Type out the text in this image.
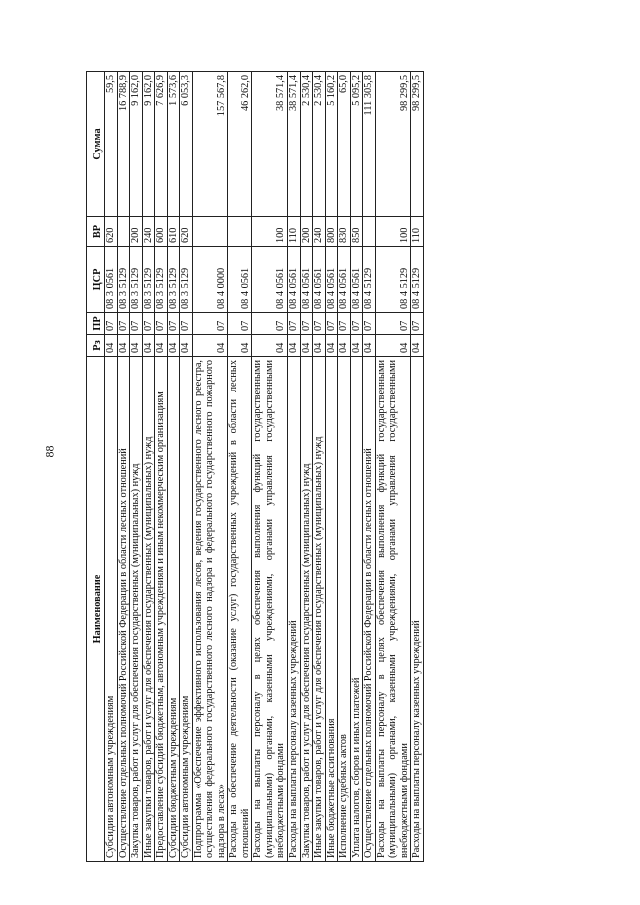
88
Наименование	Рз	ПР	ЦСР	ВР	Сумма
Субсидии автономным учреждениям	04	07	08 3 0561	620	59,5
Осуществление отдельных полномочий Российской Федерации в области лесных отношений	04	07	08 3 5129		16 788,9
Закупка товаров, работ и услуг для обеспечения государственных (муниципальных) нужд	04	07	08 3 5129	200	9 162,0
Иные закупки товаров, работ и услуг для обеспечения государственных (муниципальных) нужд	04	07	08 3 5129	240	9 162,0
Предоставление субсидий бюджетным, автономным учреждениям и иным некоммерческим организациям	04	07	08 3 5129	600	7 626,9
Субсидии бюджетным учреждениям	04	07	08 3 5129	610	1 573,6
Субсидии автономным учреждениям	04	07	08 3 5129	620	6 053,3
Подпрограмма «Обеспечение эффективного использования лесов, ведения государственного лесного реестра, осуществления федерального государственного лесного надзора и федерального государственного пожарного надзора в лесах»	04	07	08 4 0000		157 567,8
Расходы на обеспечение деятельности (оказание услуг) государственных учреждений в области лесных отношений	04	07	08 4 0561		46 262,0
Расходы на выплаты персоналу в целях обеспечения выполнения функций государственными (муниципальными) органами, казенными учреждениями, органами управления государственными внебюджетными фондами	04	07	08 4 0561	100	38 571,4
Расходы на выплаты персоналу казенных учреждений	04	07	08 4 0561	110	38 571,4
Закупка товаров, работ и услуг для обеспечения государственных (муниципальных) нужд	04	07	08 4 0561	200	2 530,4
Иные закупки товаров, работ и услуг для обеспечения государственных (муниципальных) нужд	04	07	08 4 0561	240	2 530,4
Иные бюджетные ассигнования	04	07	08 4 0561	800	5 160,2
Исполнение судебных актов	04	07	08 4 0561	830	65,0
Уплата налогов, сборов и иных платежей	04	07	08 4 0561	850	5 095,2
Осуществление отдельных полномочий Российской Федерации в области лесных отношений	04	07	08 4 5129		111 305,8
Расходы на выплаты персоналу в целях обеспечения выполнения функций государственными (муниципальными) органами, казенными учреждениями, органами управления государственными внебюджетными фондами	04	07	08 4 5129	100	98 299,5
Расходы на выплаты персоналу казенных учреждений	04	07	08 4 5129	110	98 299,5
